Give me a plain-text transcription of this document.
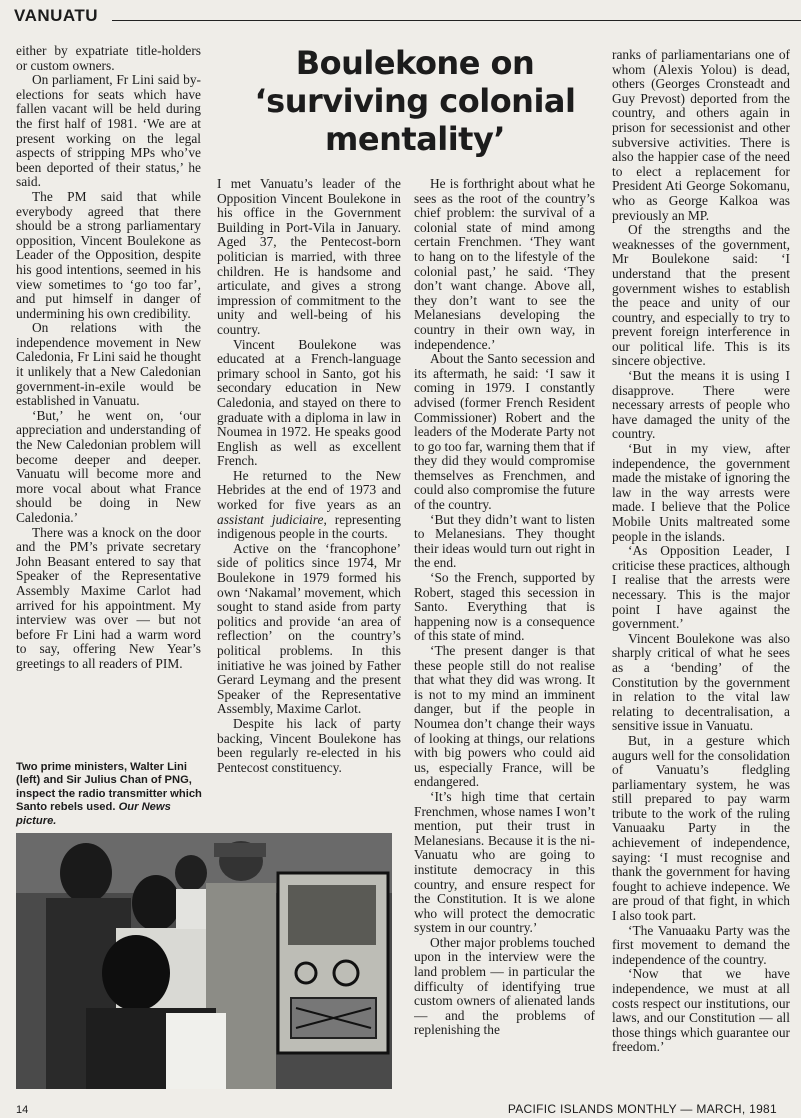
VANUATU

either by expatriate title-holders or custom owners.

On parliament, Fr Lini said by-elections for seats which have fallen vacant will be held during the first half of 1981. ‘We are at present working on the legal aspects of stripping MPs who’ve been deported of their status,’ he said.

The PM said that while everybody agreed that there should be a strong parliamentary opposition, Vincent Boulekone as Leader of the Opposition, despite his good intentions, seemed in his view sometimes to ‘go too far’, and put himself in danger of undermining his own credibility.

On relations with the independence movement in New Caledonia, Fr Lini said he thought it unlikely that a New Caledonian government-in-exile would be established in Vanuatu.

‘But,’ he went on, ‘our appreciation and understanding of the New Caledonian problem will become deeper and deeper. Vanuatu will become more and more vocal about what France should be doing in New Caledonia.’

There was a knock on the door and the PM’s private secretary John Beasant entered to say that Speaker of the Representative Assembly Maxime Carlot had arrived for his appointment. My interview was over — but not before Fr Lini had a warm word to say, offering New Year’s greetings to all readers of PIM.

Boulekone on
‘surviving colonial
mentality’

I met Vanuatu’s leader of the Opposition Vincent Boulekone in his office in the Government Building in Port-Vila in January. Aged 37, the Pentecost-born politician is married, with three children. He is handsome and articulate, and gives a strong impression of commitment to the unity and well-being of his country.

Vincent Boulekone was educated at a French-language primary school in Santo, got his secondary education in New Caledonia, and stayed on there to graduate with a diploma in law in Noumea in 1972. He speaks good English as well as excellent French.

He returned to the New Hebrides at the end of 1973 and worked for five years as an assistant judiciaire, representing indigenous people in the courts.

Active on the ‘francophone’ side of politics since 1974, Mr Boulekone in 1979 formed his own ‘Nakamal’ movement, which sought to stand aside from party politics and provide ‘an area of reflection’ on the country’s political problems. In this initiative he was joined by Father Gerard Leymang and the present Speaker of the Representative Assembly, Maxime Carlot.

Despite his lack of party backing, Vincent Boulekone has been regularly re-elected in his Pentecost constituency.

He is forthright about what he sees as the root of the country’s chief problem: the survival of a colonial state of mind among certain Frenchmen. ‘They want to hang on to the lifestyle of the colonial past,’ he said. ‘They don’t want change. Above all, they don’t want to see the Melanesians developing the country in their own way, in independence.’

About the Santo secession and its aftermath, he said: ‘I saw it coming in 1979. I constantly advised (former French Resident Commissioner) Robert and the leaders of the Moderate Party not to go too far, warning them that if they did they would compromise themselves as Frenchmen, and could also compromise the future of the country.

‘But they didn’t want to listen to Melanesians. They thought their ideas would turn out right in the end.

‘So the French, supported by Robert, staged this secession in Santo. Everything that is happening now is a consequence of this state of mind.

‘The present danger is that these people still do not realise that what they did was wrong. It is not to my mind an imminent danger, but if the people in Noumea don’t change their ways of looking at things, our relations with big powers who could aid us, especially France, will be endangered.

‘It’s high time that certain Frenchmen, whose names I won’t mention, put their trust in Melanesians. Because it is the ni-Vanuatu who are going to institute democracy in this country, and ensure respect for the Constitution. It is we alone who will protect the democratic system in our country.’

Other major problems touched upon in the interview were the land problem — in particular the difficulty of identifying true custom owners of alienated lands — and the problems of replenishing the

ranks of parliamentarians one of whom (Alexis Yolou) is dead, others (Georges Cronsteadt and Guy Prevost) deported from the country, and others again in prison for secessionist and other subversive activities. There is also the happier case of the need to elect a replacement for President Ati George Sokomanu, who as George Kalkoa was previously an MP.

Of the strengths and the weaknesses of the government, Mr Boulekone said: ‘I understand that the present government wishes to establish the peace and unity of our country, and especially to try to prevent foreign interference in our political life. This is its sincere objective.

‘But the means it is using I disapprove. There were necessary arrests of people who have damaged the unity of the country.

‘But in my view, after independence, the government made the mistake of ignoring the law in the way arrests were made. I believe that the Police Mobile Units maltreated some people in the islands.

‘As Opposition Leader, I criticise these practices, although I realise that the arrests were necessary. This is the major point I have against the government.’

Vincent Boulekone was also sharply critical of what he sees as a ‘bending’ of the Constitution by the government in relation to the vital law relating to decentralisation, a sensitive issue in Vanuatu.

But, in a gesture which augurs well for the consolidation of Vanuatu’s fledgling parliamentary system, he was still prepared to pay warm tribute to the work of the ruling Vanuaaku Party in the achievement of independence, saying: ‘I must recognise and thank the government for having fought to achieve indepence. We are proud of that fight, in which I also took part.

‘The Vanuaaku Party was the first movement to demand the independence of the country.

‘Now that we have independence, we must at all costs respect our institutions, our laws, and our Constitution — all those things which guarantee our freedom.’

Two prime ministers, Walter Lini (left) and Sir Julius Chan of PNG, inspect the radio transmitter which Santo rebels used. Our News picture.
14	PACIFIC ISLANDS MONTHLY — MARCH, 1981
